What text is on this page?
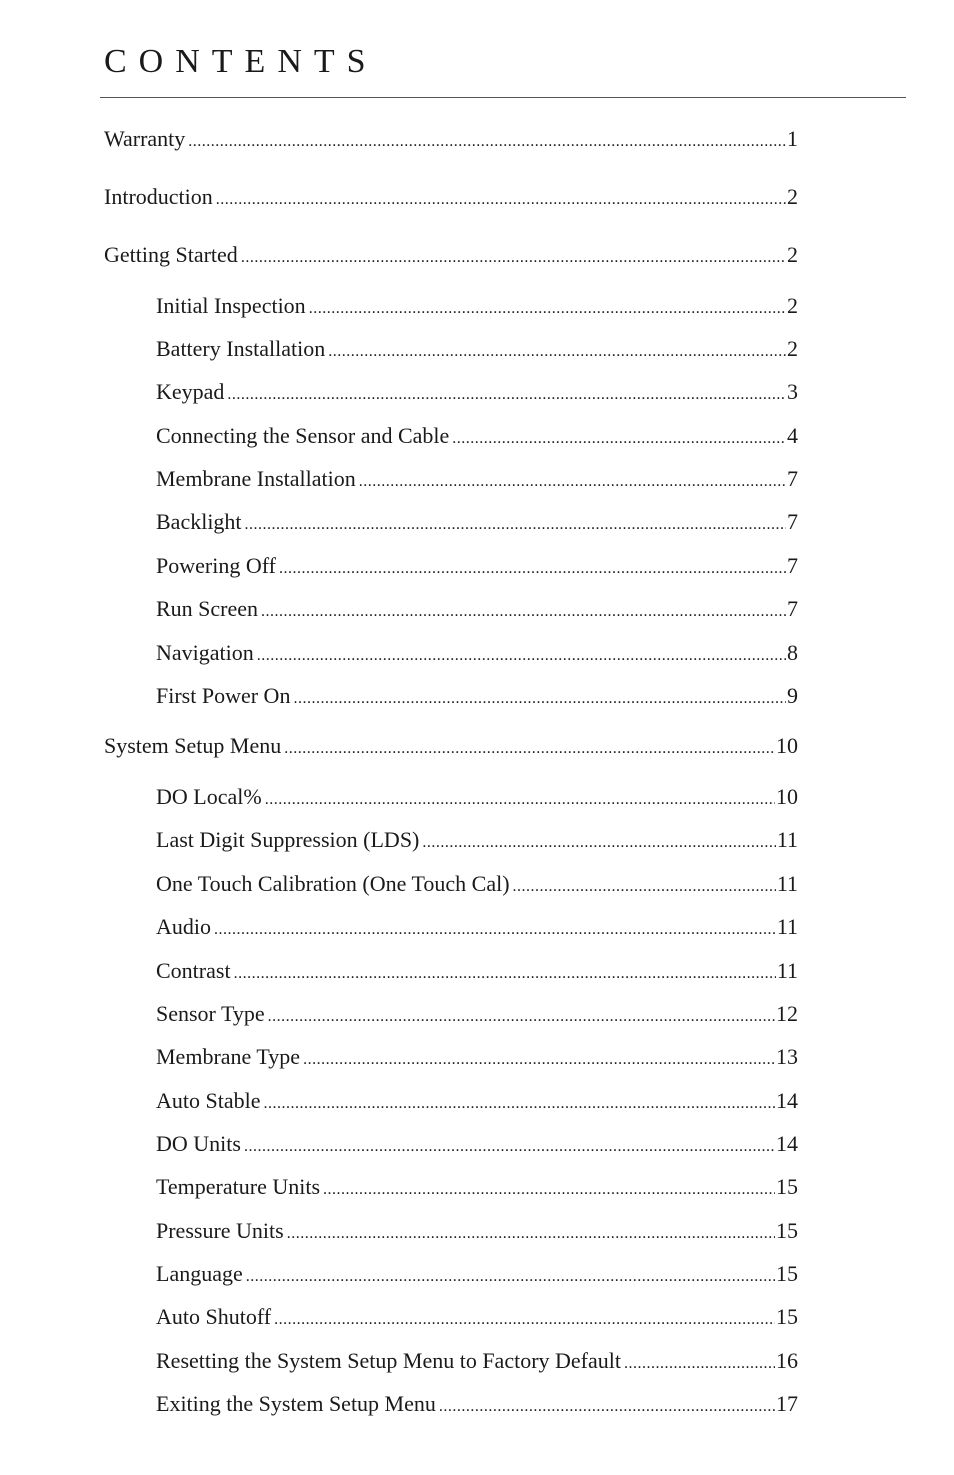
CONTENTS
Warranty .....	1
Introduction .....	2
Getting Started .....	2
Initial Inspection .....	2
Battery Installation .....	2
Keypad .....	3
Connecting the Sensor and Cable .....	4
Membrane Installation .....	7
Backlight .....	7
Powering Off .....	7
Run Screen .....	7
Navigation .....	8
First Power On .....	9
System Setup Menu .....	10
DO Local% .....	10
Last Digit Suppression (LDS) .....	11
One Touch Calibration (One Touch Cal) .....	11
Audio .....	11
Contrast .....	11
Sensor Type .....	12
Membrane Type .....	13
Auto Stable .....	14
DO Units .....	14
Temperature Units .....	15
Pressure Units .....	15
Language .....	15
Auto Shutoff .....	15
Resetting the System Setup Menu to Factory Default .....	16
Exiting the System Setup Menu .....	17
